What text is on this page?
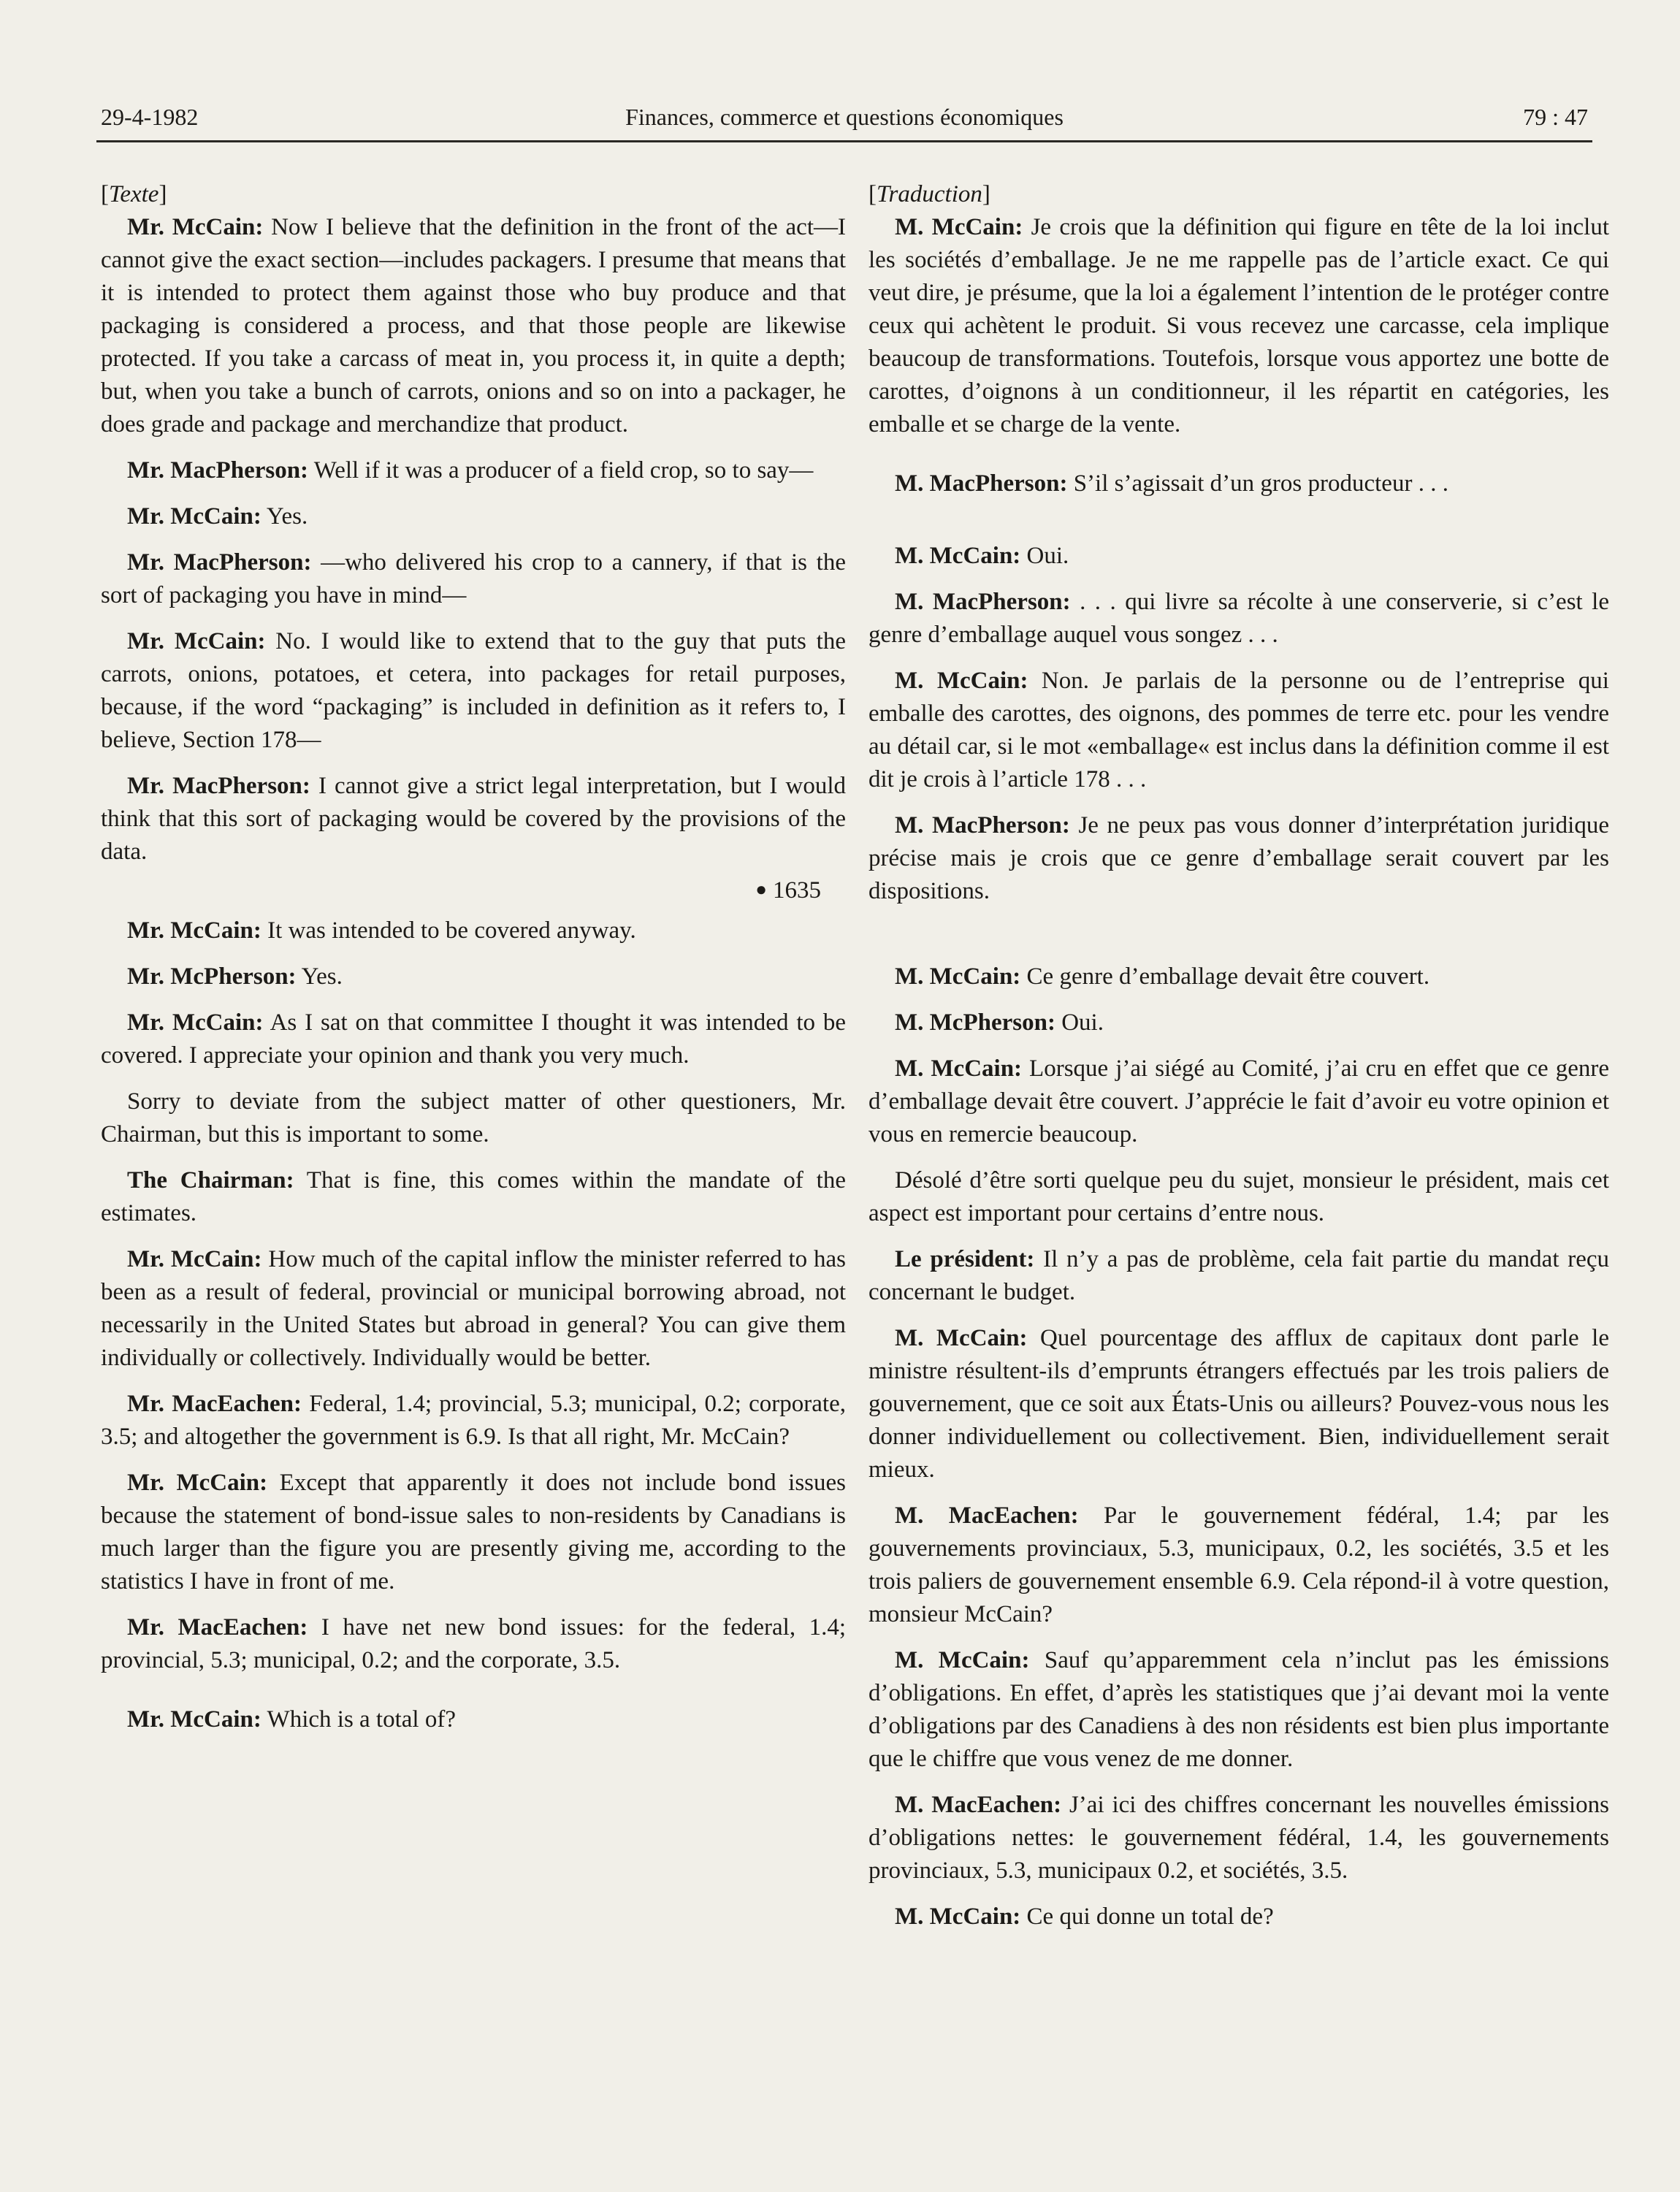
29-4-1982	Finances, commerce et questions économiques	79 : 47
[Texte]

Mr. McCain: Now I believe that the definition in the front of the act—I cannot give the exact section—includes packagers. I presume that means that it is intended to protect them against those who buy produce and that packaging is considered a process, and that those people are likewise protected. If you take a carcass of meat in, you process it, in quite a depth; but, when you take a bunch of carrots, onions and so on into a packager, he does grade and package and merchandize that product.

Mr. MacPherson: Well if it was a producer of a field crop, so to say—

Mr. McCain: Yes.

Mr. MacPherson: —who delivered his crop to a cannery, if that is the sort of packaging you have in mind—

Mr. McCain: No. I would like to extend that to the guy that puts the carrots, onions, potatoes, et cetera, into packages for retail purposes, because, if the word “packaging” is included in definition as it refers to, I believe, Section 178—

Mr. MacPherson: I cannot give a strict legal interpretation, but I would think that this sort of packaging would be covered by the provisions of the data.

● 1635

Mr. McCain: It was intended to be covered anyway.

Mr. McPherson: Yes.

Mr. McCain: As I sat on that committee I thought it was intended to be covered. I appreciate your opinion and thank you very much.

Sorry to deviate from the subject matter of other questioners, Mr. Chairman, but this is important to some.

The Chairman: That is fine, this comes within the mandate of the estimates.

Mr. McCain: How much of the capital inflow the minister referred to has been as a result of federal, provincial or municipal borrowing abroad, not necessarily in the United States but abroad in general? You can give them individually or collectively. Individually would be better.

Mr. MacEachen: Federal, 1.4; provincial, 5.3; municipal, 0.2; corporate, 3.5; and altogether the government is 6.9. Is that all right, Mr. McCain?

Mr. McCain: Except that apparently it does not include bond issues because the statement of bond-issue sales to non-residents by Canadians is much larger than the figure you are presently giving me, according to the statistics I have in front of me.

Mr. MacEachen: I have net new bond issues: for the federal, 1.4; provincial, 5.3; municipal, 0.2; and the corporate, 3.5.

Mr. McCain: Which is a total of?

[Traduction]

M. McCain: Je crois que la définition qui figure en tête de la loi inclut les sociétés d’emballage. Je ne me rappelle pas de l’article exact. Ce qui veut dire, je présume, que la loi a également l’intention de le protéger contre ceux qui achètent le produit. Si vous recevez une carcasse, cela implique beaucoup de transformations. Toutefois, lorsque vous apportez une botte de carottes, d’oignons à un conditionneur, il les répartit en catégories, les emballe et se charge de la vente.

M. MacPherson: S’il s’agissait d’un gros producteur . . .

M. McCain: Oui.

M. MacPherson: . . . qui livre sa récolte à une conserverie, si c’est le genre d’emballage auquel vous songez . . .

M. McCain: Non. Je parlais de la personne ou de l’entreprise qui emballe des carottes, des oignons, des pommes de terre etc. pour les vendre au détail car, si le mot «emballage« est inclus dans la définition comme il est dit je crois à l’article 178 . . .

M. MacPherson: Je ne peux pas vous donner d’interprétation juridique précise mais je crois que ce genre d’emballage serait couvert par les dispositions.

M. McCain: Ce genre d’emballage devait être couvert.

M. McPherson: Oui.

M. McCain: Lorsque j’ai siégé au Comité, j’ai cru en effet que ce genre d’emballage devait être couvert. J’apprécie le fait d’avoir eu votre opinion et vous en remercie beaucoup.

Désolé d’être sorti quelque peu du sujet, monsieur le président, mais cet aspect est important pour certains d’entre nous.

Le président: Il n’y a pas de problème, cela fait partie du mandat reçu concernant le budget.

M. McCain: Quel pourcentage des afflux de capitaux dont parle le ministre résultent-ils d’emprunts étrangers effectués par les trois paliers de gouvernement, que ce soit aux États-Unis ou ailleurs? Pouvez-vous nous les donner individuellement ou collectivement. Bien, individuellement serait mieux.

M. MacEachen: Par le gouvernement fédéral, 1.4; par les gouvernements provinciaux, 5.3, municipaux, 0.2, les sociétés, 3.5 et les trois paliers de gouvernement ensemble 6.9. Cela répond-il à votre question, monsieur McCain?

M. McCain: Sauf qu’apparemment cela n’inclut pas les émissions d’obligations. En effet, d’après les statistiques que j’ai devant moi la vente d’obligations par des Canadiens à des non résidents est bien plus importante que le chiffre que vous venez de me donner.

M. MacEachen: J’ai ici des chiffres concernant les nouvelles émissions d’obligations nettes: le gouvernement fédéral, 1.4, les gouvernements provinciaux, 5.3, municipaux 0.2, et sociétés, 3.5.

M. McCain: Ce qui donne un total de?
